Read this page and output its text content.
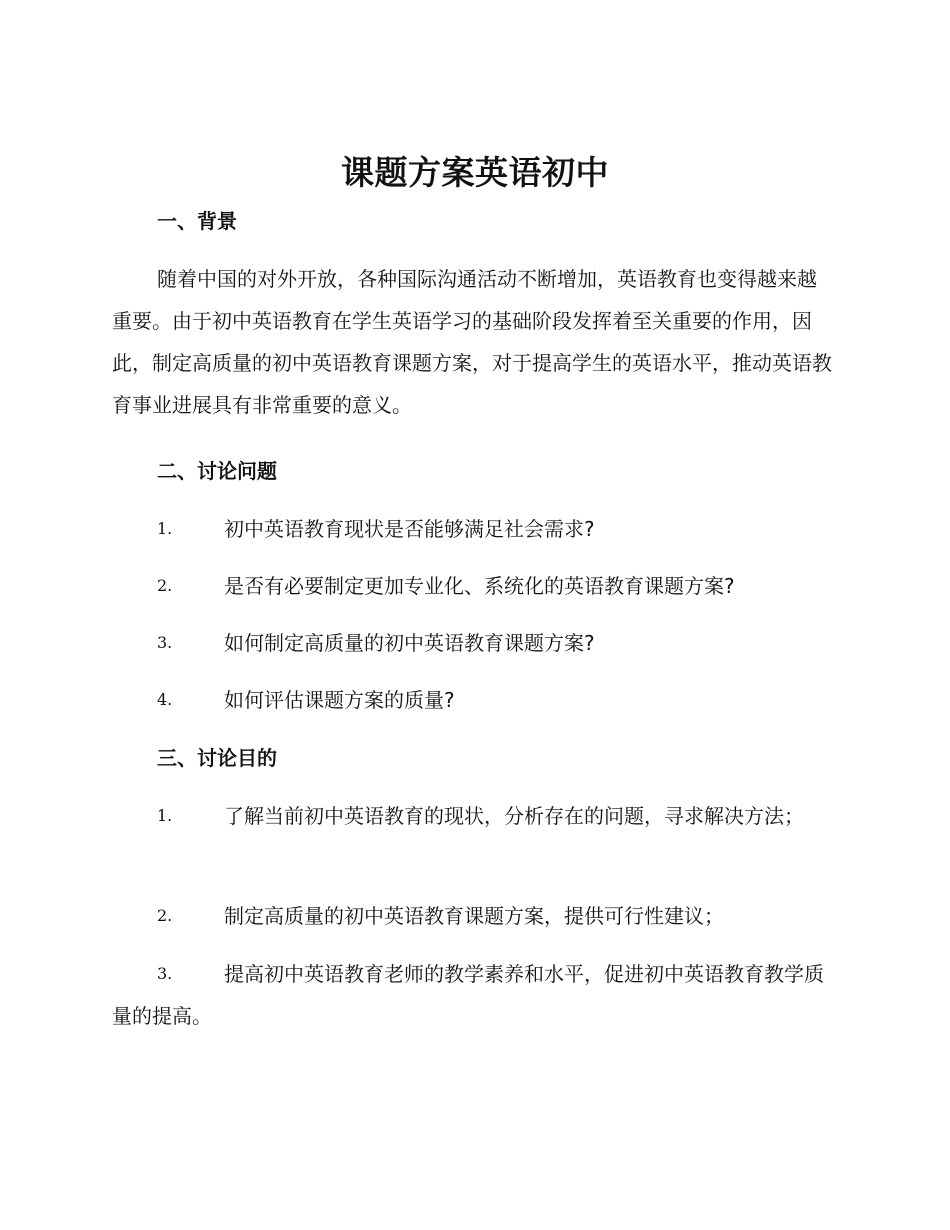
课题方案英语初中
一、背景

随着中国的对外开放，各种国际沟通活动不断增加，英语教育也变得越来越重要。由于初中英语教育在学生英语学习的基础阶段发挥着至关重要的作用，因此，制定高质量的初中英语教育课题方案，对于提高学生的英语水平，推动英语教育事业进展具有非常重要的意义。

二、讨论问题
1.	初中英语教育现状是否能够满足社会需求?
2.	是否有必要制定更加专业化、系统化的英语教育课题方案?
3.	如何制定高质量的初中英语教育课题方案?
4.	如何评估课题方案的质量?
三、讨论目的
1.	了解当前初中英语教育的现状，分析存在的问题，寻求解决方法；
2.	制定高质量的初中英语教育课题方案，提供可行性建议；
3.	提高初中英语教育老师的教学素养和水平，促进初中英语教育教学质量的提高。
